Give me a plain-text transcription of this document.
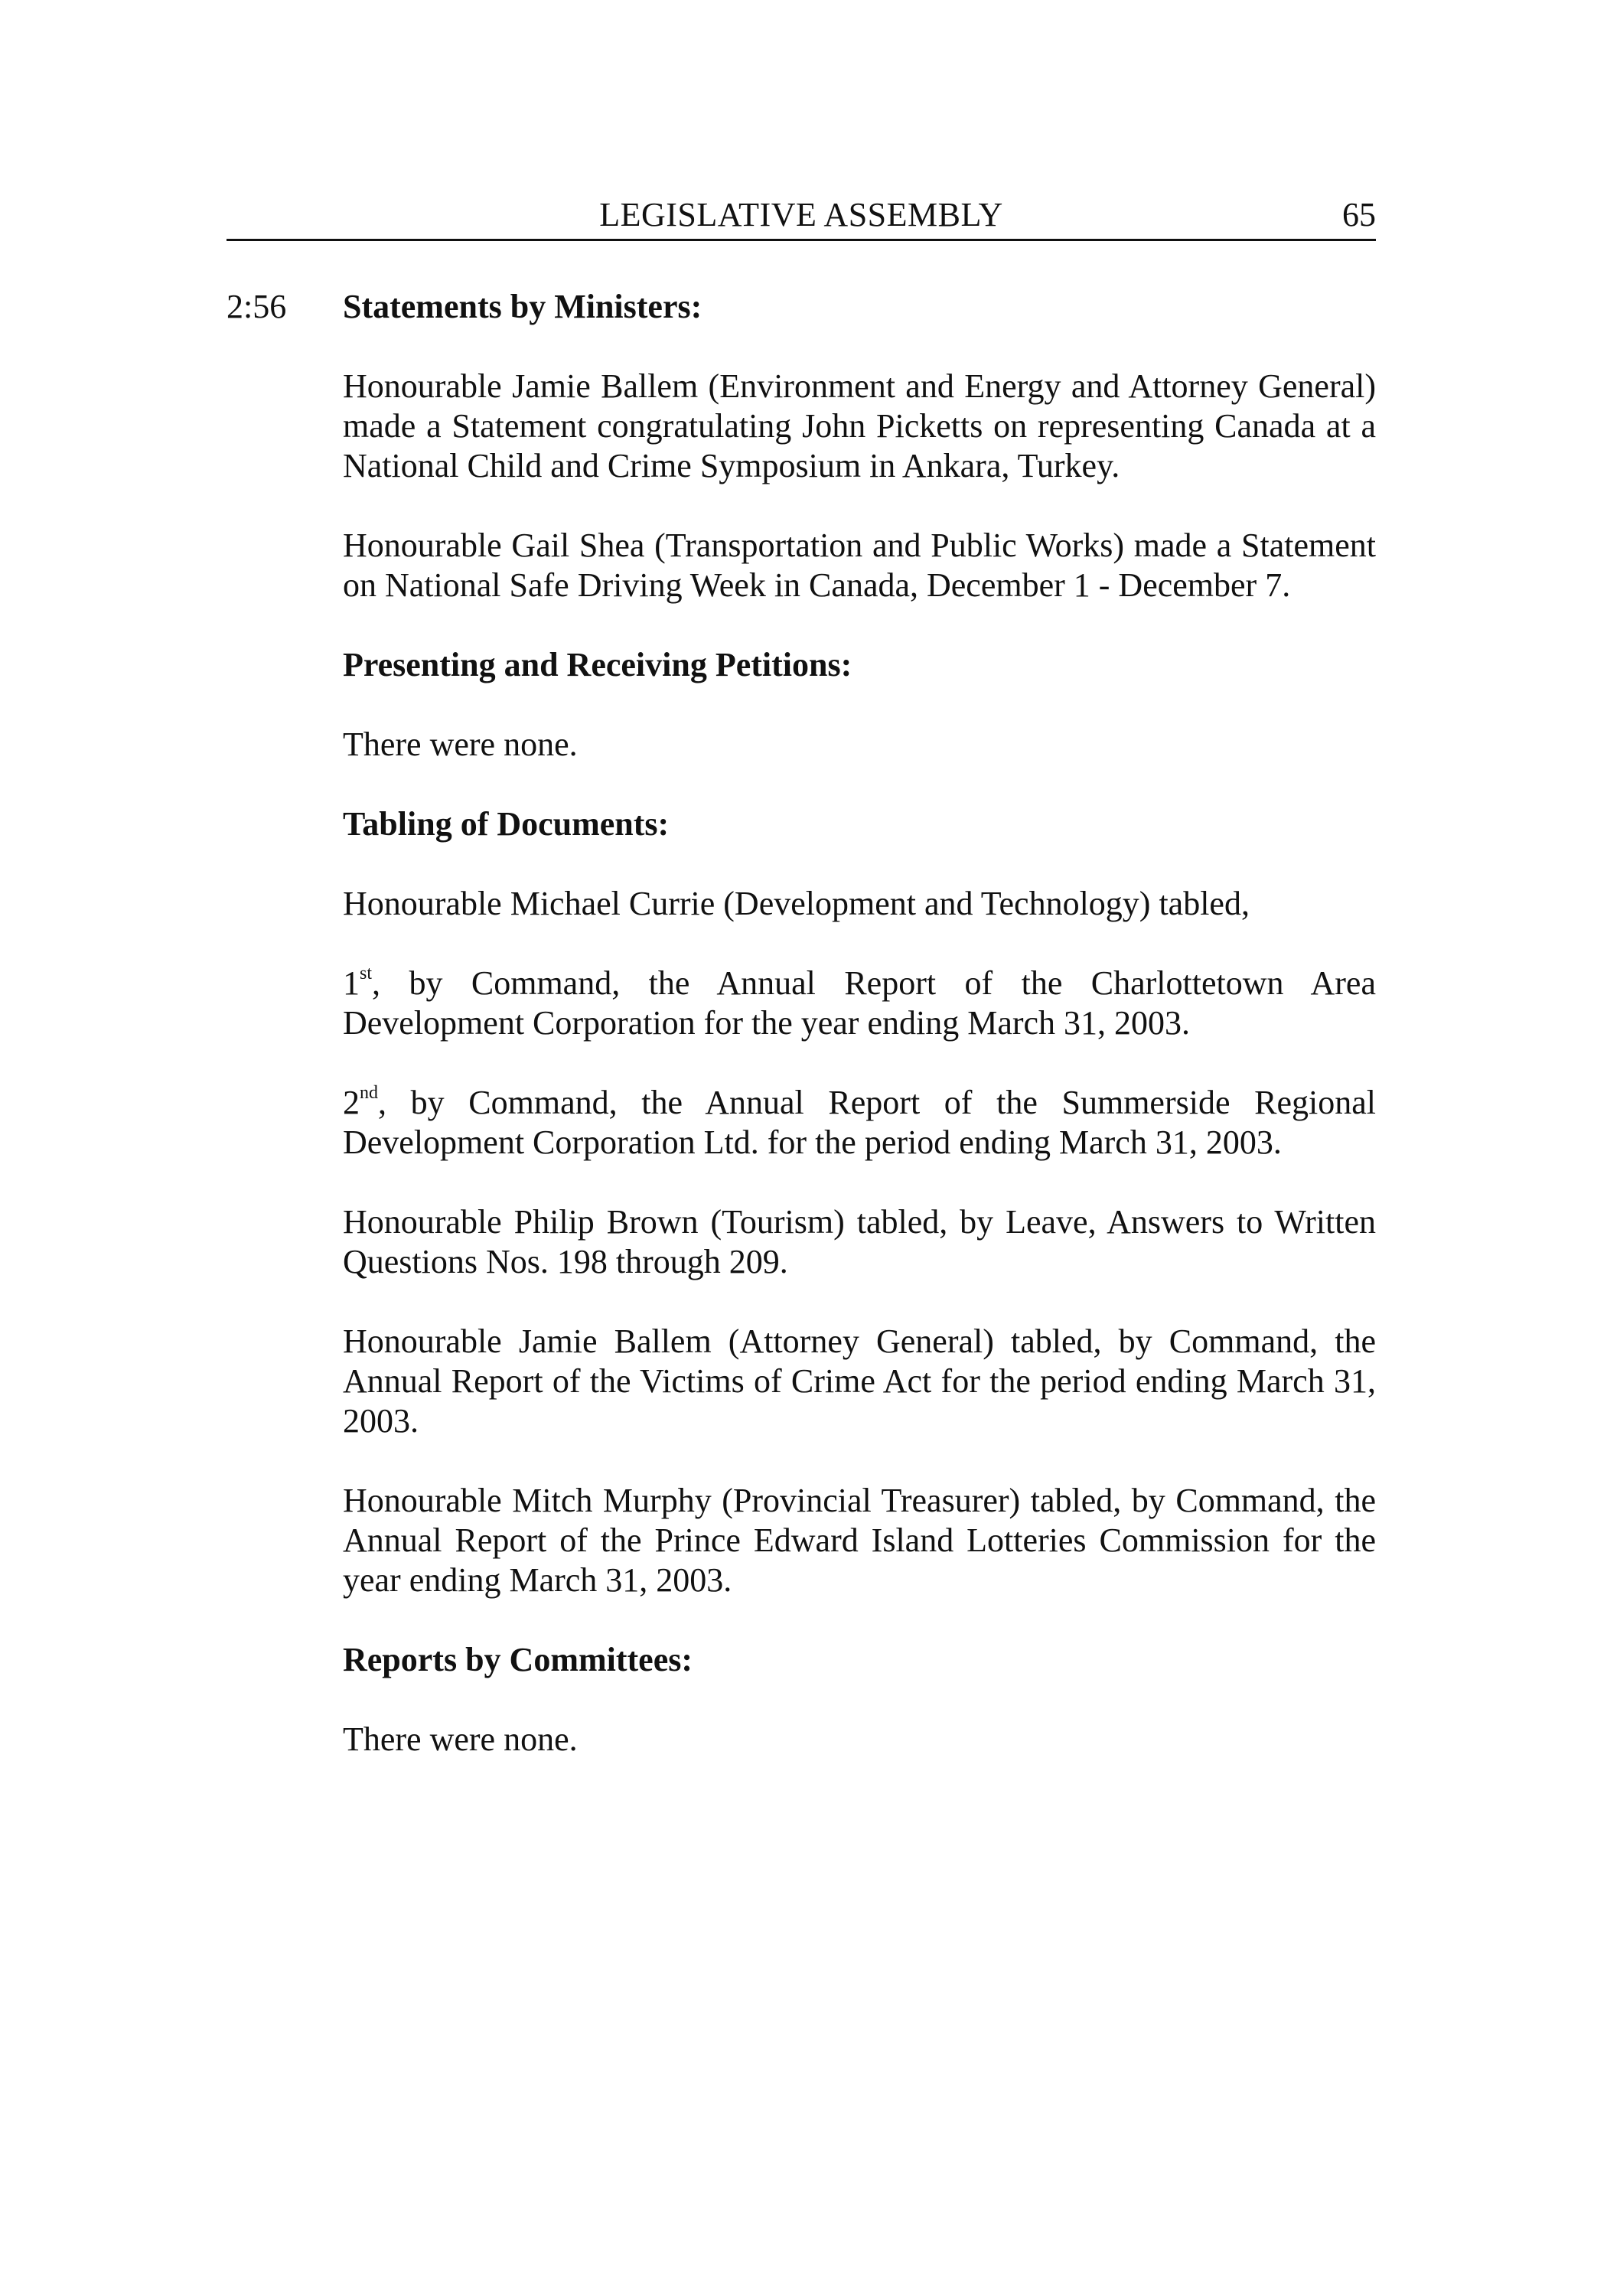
LEGISLATIVE ASSEMBLY	65
2:56 Statements by Ministers:

Honourable Jamie Ballem (Environment and Energy and Attorney General) made a Statement congratulating John Picketts on representing Canada at a National Child and Crime Symposium in Ankara, Turkey.

Honourable Gail Shea (Transportation and Public Works) made a Statement on National Safe Driving Week in Canada, December 1 - December 7.

Presenting and Receiving Petitions:

There were none.

Tabling of Documents:

Honourable Michael Currie (Development and Technology) tabled,

1st, by Command, the Annual Report of the Charlottetown Area Development Corporation for the year ending March 31, 2003.

2nd, by Command, the Annual Report of the Summerside Regional Development Corporation Ltd. for the period ending March 31, 2003.

Honourable Philip Brown (Tourism) tabled, by Leave, Answers to Written Questions Nos. 198 through 209.

Honourable Jamie Ballem (Attorney General) tabled, by Command, the Annual Report of the Victims of Crime Act for the period ending March 31, 2003.

Honourable Mitch Murphy (Provincial Treasurer) tabled, by Command, the Annual Report of the Prince Edward Island Lotteries Commission for the year ending March 31, 2003.

Reports by Committees:

There were none.
